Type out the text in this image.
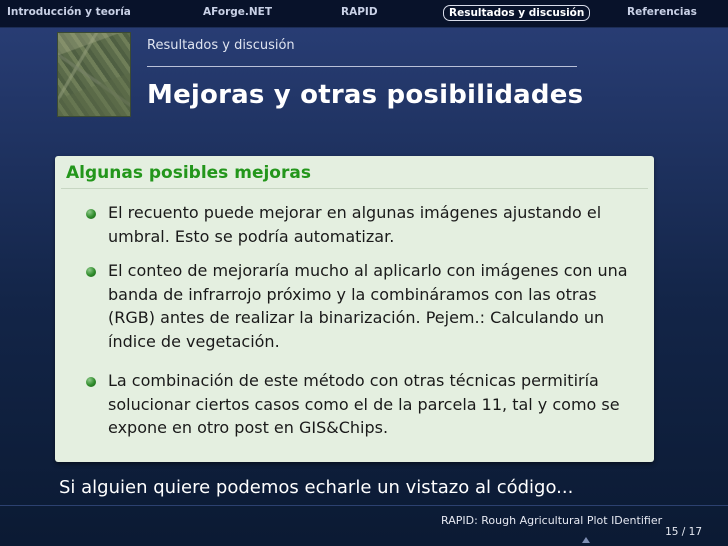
Introducción y teoría	AForge.NET	RAPID	Resultados y discusión	Referencias
Resultados y discusión
Mejoras y otras posibilidades
Algunas posibles mejoras
El recuento puede mejorar en algunas imágenes ajustando el umbral. Esto se podría automatizar.
El conteo de mejoraría mucho al aplicarlo con imágenes con una banda de infrarrojo próximo y la combináramos con las otras (RGB) antes de realizar la binarización. Pejem.: Calculando un índice de vegetación.
La combinación de este método con otras técnicas permitiría solucionar ciertos casos como el de la parcela 11, tal y como se expone en otro post en GIS&Chips.
Si alguien quiere podemos echarle un vistazo al código...
RAPID: Rough Agricultural Plot IDentifier
15 / 17
